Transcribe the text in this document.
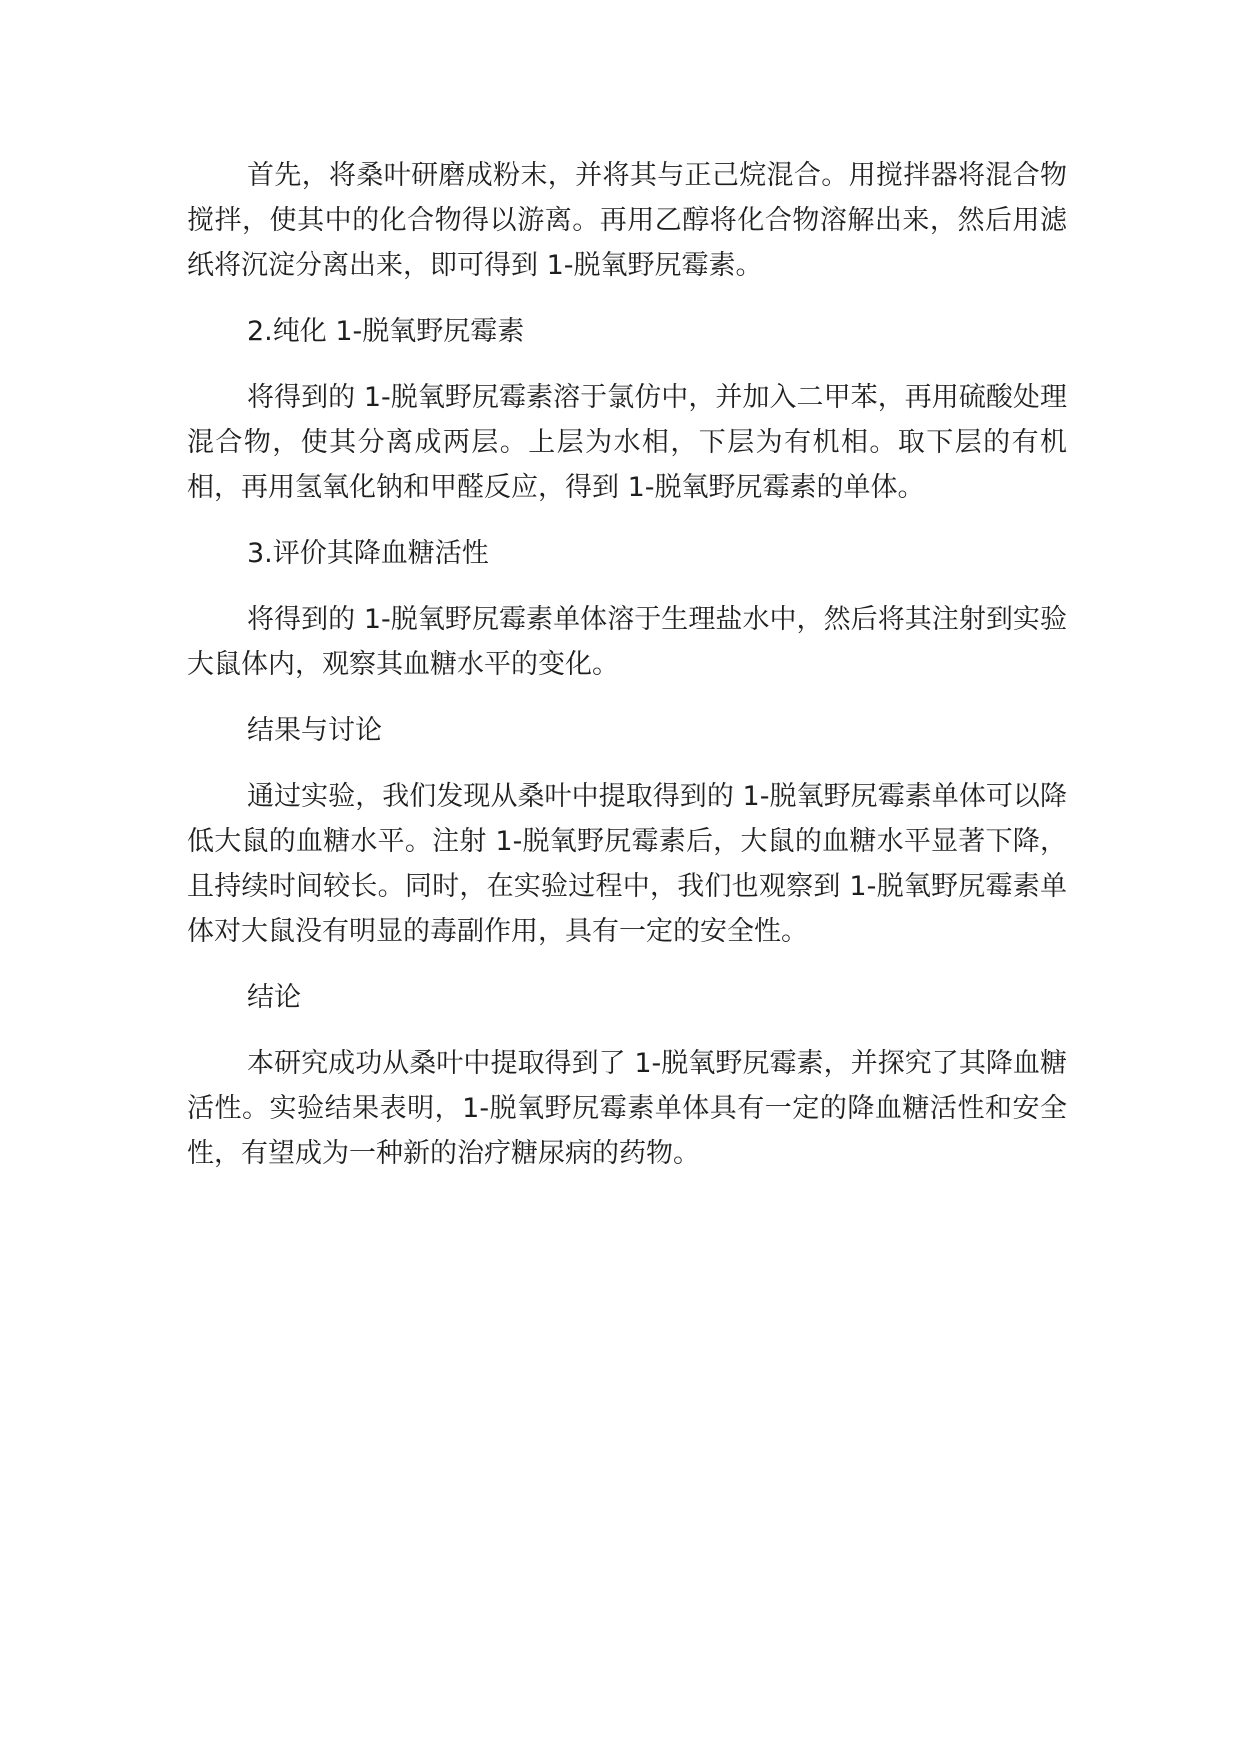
首先，将桑叶研磨成粉末，并将其与正己烷混合。用搅拌器将混合物搅拌，使其中的化合物得以游离。再用乙醇将化合物溶解出来，然后用滤纸将沉淀分离出来，即可得到 1-脱氧野尻霉素。

2.纯化 1-脱氧野尻霉素

将得到的 1-脱氧野尻霉素溶于氯仿中，并加入二甲苯，再用硫酸处理混合物，使其分离成两层。上层为水相，下层为有机相。取下层的有机相，再用氢氧化钠和甲醛反应，得到 1-脱氧野尻霉素的单体。

3.评价其降血糖活性

将得到的 1-脱氧野尻霉素单体溶于生理盐水中，然后将其注射到实验大鼠体内，观察其血糖水平的变化。

结果与讨论

通过实验，我们发现从桑叶中提取得到的 1-脱氧野尻霉素单体可以降低大鼠的血糖水平。注射 1-脱氧野尻霉素后，大鼠的血糖水平显著下降，且持续时间较长。同时，在实验过程中，我们也观察到 1-脱氧野尻霉素单体对大鼠没有明显的毒副作用，具有一定的安全性。

结论

本研究成功从桑叶中提取得到了 1-脱氧野尻霉素，并探究了其降血糖活性。实验结果表明，1-脱氧野尻霉素单体具有一定的降血糖活性和安全性，有望成为一种新的治疗糖尿病的药物。
